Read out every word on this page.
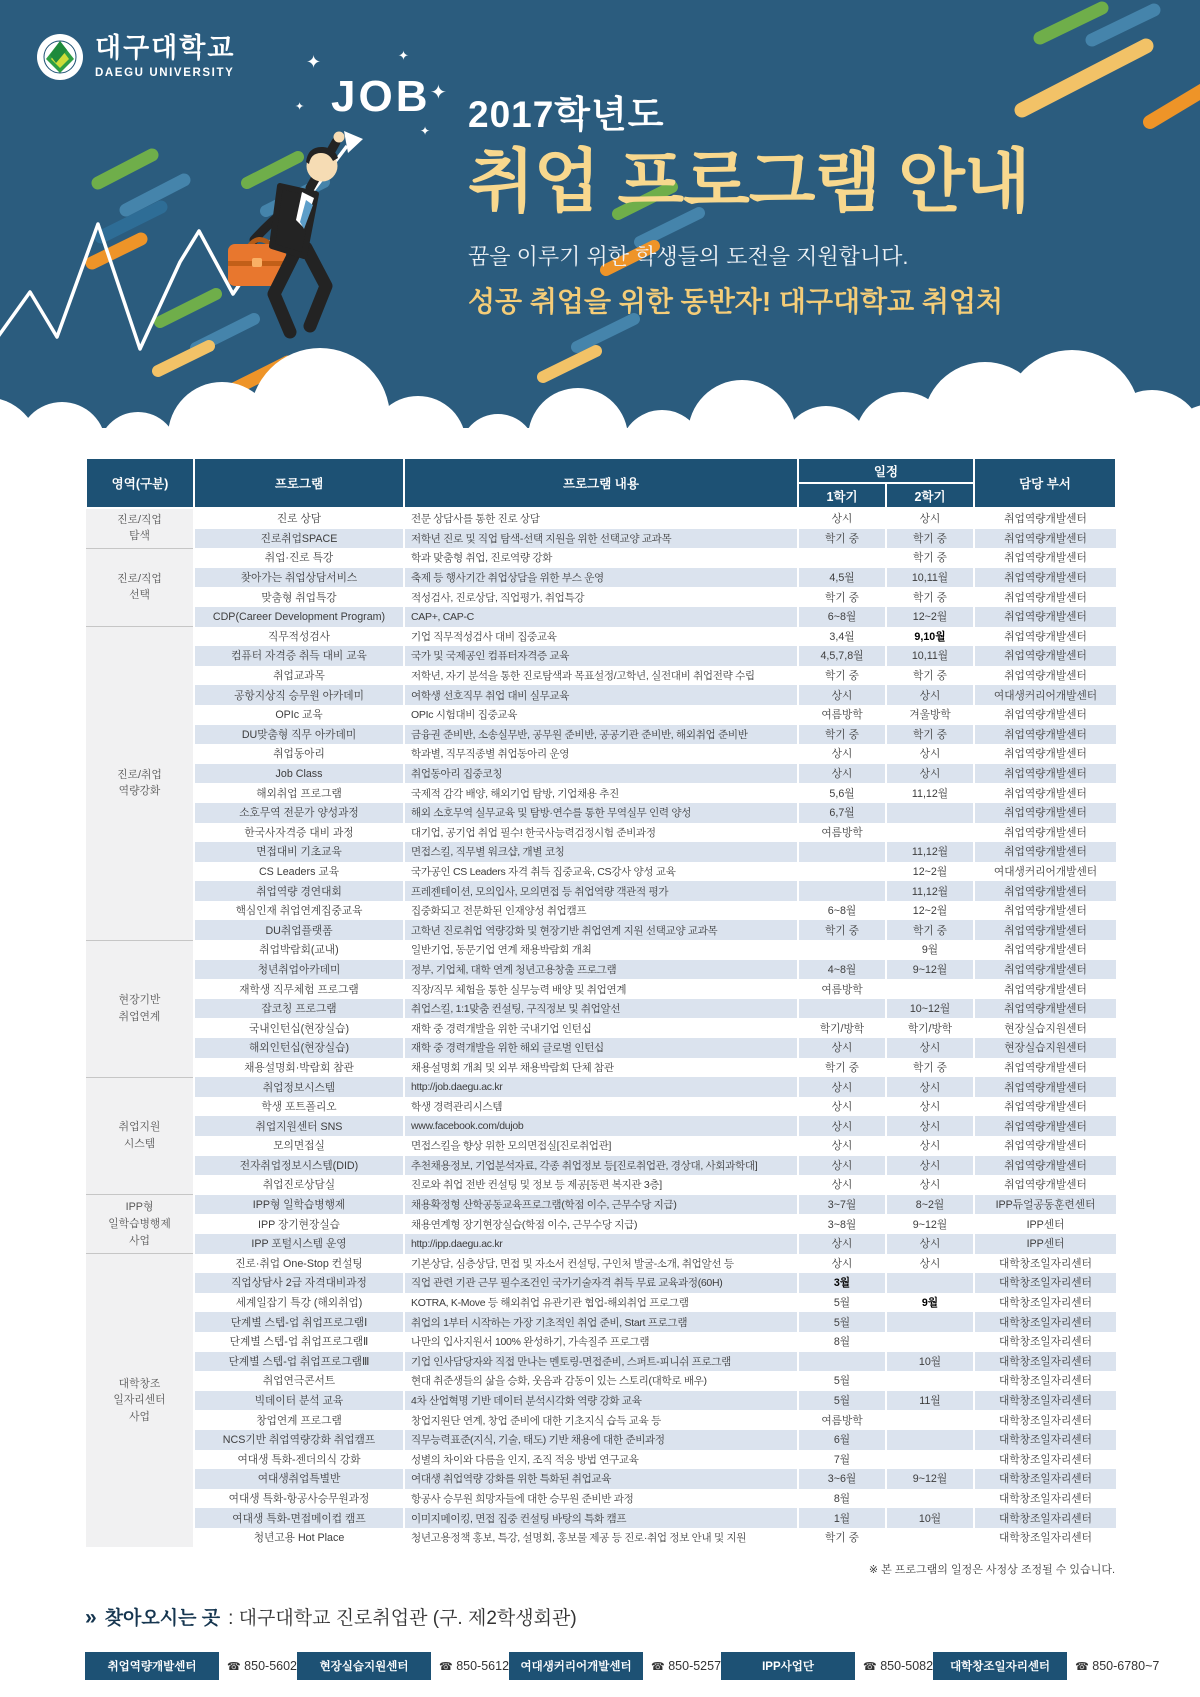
대구대학교
DAEGU UNIVERSITY JOB
✦	✦
✦
✦
✦ 2017학년도
취업 프로그램 안내
꿈을 이루기 위한 학생들의 도전을 지원합니다.
성공 취업을 위한 동반자! 대구대학교 취업처
영역(구분)	프로그램	프로그램 내용	일정		담당 부서
			1학기	2학기	
진로/직업
탐색	진로 상담	전문 상담사를 통한 진로 상담	상시	상시	취업역량개발센터
	진로취업SPACE	저학년 진로 및 직업 탐색-선택 지원을 위한 선택교양 교과목	학기 중	학기 중	취업역량개발센터
진로/직업
선택	취업·진로 특강	학과 맞춤형 취업, 진로역량 강화		학기 중	취업역량개발센터
	찾아가는 취업상담서비스	축제 등 행사기간 취업상담을 위한 부스 운영	4,5월	10,11월	취업역량개발센터
	맞춤형 취업특강	적성검사, 진로상담, 직업평가, 취업특강	학기 중	학기 중	취업역량개발센터
	CDP(Career Development Program)	CAP+, CAP-C	6~8월	12~2월	취업역량개발센터
진로/취업
역량강화	직무적성검사	기업 직무적성검사 대비 집중교육	3,4월	9,10월	취업역량개발센터
	컴퓨터 자격증 취득 대비 교육	국가 및 국제공인 컴퓨터자격증 교육	4,5,7,8월	10,11월	취업역량개발센터
	취업교과목	저학년, 자기 분석을 통한 진로탐색과 목표설정/고학년, 실전대비 취업전략 수립	학기 중	학기 중	취업역량개발센터
	공항지상직 승무원 아카데미	여학생 선호직무 취업 대비 실무교육	상시	상시	여대생커리어개발센터
	OPIc 교육	OPIc 시험대비 집중교육	여름방학	겨울방학	취업역량개발센터
	DU맞춤형 직무 아카데미	금융권 준비반, 소송실무반, 공무원 준비반, 공공기관 준비반, 해외취업 준비반	학기 중	학기 중	취업역량개발센터
	취업동아리	학과별, 직무직종별 취업동아리 운영	상시	상시	취업역량개발센터
	Job Class	취업동아리 집중코칭	상시	상시	취업역량개발센터
	해외취업 프로그램	국제적 감각 배양, 해외기업 탐방, 기업채용 추진	5,6월	11,12월	취업역량개발센터
	소호무역 전문가 양성과정	해외 소호무역 실무교육 및 탐방·연수를 통한 무역실무 인력 양성	6,7월		취업역량개발센터
	한국사자격증 대비 과정	대기업, 공기업 취업 필수! 한국사능력검정시험 준비과정	여름방학		취업역량개발센터
	면접대비 기초교육	면접스킬, 직무별 워크샵, 개별 코칭		11,12월	취업역량개발센터
	CS Leaders 교육	국가공인 CS Leaders 자격 취득 집중교육, CS강사 양성 교육		12~2월	여대생커리어개발센터
	취업역량 경연대회	프레젠테이션, 모의입사, 모의면접 등 취업역량 객관적 평가		11,12월	취업역량개발센터
	핵심인재 취업연계집중교육	집중화되고 전문화된 인재양성 취업캠프	6~8월	12~2월	취업역량개발센터
	DU취업플랫폼	고학년 진로취업 역량강화 및 현장기반 취업연계 지원 선택교양 교과목	학기 중	학기 중	취업역량개발센터
현장기반
취업연계	취업박람회(교내)	일반기업, 동문기업 연계 채용박람회 개최		9월	취업역량개발센터
	청년취업아카데미	정부, 기업체, 대학 연계 청년고용창출 프로그램	4~8월	9~12월	취업역량개발센터
	재학생 직무체험 프로그램	직장/직무 체험을 통한 실무능력 배양 및 취업연계	여름방학		취업역량개발센터
	잡코칭 프로그램	취업스킬, 1:1맞춤 컨설팅, 구직정보 및 취업알선		10~12월	취업역량개발센터
	국내인턴십(현장실습)	재학 중 경력개발을 위한 국내기업 인턴십	학기/방학	학기/방학	현장실습지원센터
	해외인턴십(현장실습)	재학 중 경력개발을 위한 해외 글로벌 인턴십	상시	상시	현장실습지원센터
	채용설명회·박람회 참관	채용설명회 개최 및 외부 채용박람회 단체 참관	학기 중	학기 중	취업역량개발센터
취업지원
시스템	취업정보시스템	http://job.daegu.ac.kr	상시	상시	취업역량개발센터
	학생 포트폴리오	학생 경력관리시스템	상시	상시	취업역량개발센터
	취업지원센터 SNS	www.facebook.com/dujob	상시	상시	취업역량개발센터
	모의면접실	면접스킬을 향상 위한 모의면접실[진로취업관]	상시	상시	취업역량개발센터
	전자취업정보시스템(DID)	추천채용정보, 기업분석자료, 각종 취업정보 등[진로취업관, 경상대, 사회과학대]	상시	상시	취업역량개발센터
	취업진로상담실	진로와 취업 전반 컨설팅 및 정보 등 제공[동편 복지관 3층]	상시	상시	취업역량개발센터
IPP형
일학습병행제
사업	IPP형 일학습병행제	채용확정형 산학공동교육프로그램(학점 이수, 근무수당 지급)	3~7월	8~2월	IPP듀얼공동훈련센터
	IPP 장기현장실습	채용연계형 장기현장실습(학점 이수, 근무수당 지급)	3~8월	9~12월	IPP센터
	IPP 포털시스템 운영	http://ipp.daegu.ac.kr	상시	상시	IPP센터
대학창조
일자리센터
사업	진로·취업 One-Stop 컨설팅	기본상담, 심층상담, 면접 및 자소서 컨설팅, 구인처 발굴-소개, 취업알선 등	상시	상시	대학창조일자리센터
	직업상담사 2급 자격대비과정	직업 관련 기관 근무 필수조건인 국가기술자격 취득 무료 교육과정(60H)	3월		대학창조일자리센터
	세계일잡기 특강 (해외취업)	KOTRA, K-Move 등 해외취업 유관기관 협업-해외취업 프로그램	5월	9월	대학창조일자리센터
	단계별 스텝-업 취업프로그램Ⅰ	취업의 1부터 시작하는 가장 기초적인 취업 준비, Start 프로그램	5월		대학창조일자리센터
	단계별 스텝-업 취업프로그램Ⅱ	나만의 입사지원서 100% 완성하기, 가속질주 프로그램	8월		대학창조일자리센터
	단계별 스텝-업 취업프로그램Ⅲ	기업 인사담당자와 직접 만나는 멘토링-면접준비, 스퍼트-피니쉬 프로그램		10월	대학창조일자리센터
	취업연극콘서트	현대 취준생들의 삶을 승화, 웃음과 감동이 있는 스토리(대학로 배우)	5월		대학창조일자리센터
	빅데이터 분석 교육	4차 산업혁명 기반 데이터 분석시각화 역량 강화 교육	5월	11월	대학창조일자리센터
	창업연계 프로그램	창업지원단 연계, 창업 준비에 대한 기초지식 습득 교육 등	여름방학		대학창조일자리센터
	NCS기반 취업역량강화 취업캠프	직무능력표준(지식, 기술, 태도) 기반 채용에 대한 준비과정	6월		대학창조일자리센터
	여대생 특화-젠더의식 강화	성별의 차이와 다름을 인지, 조직 적응 방법 연구교육	7월		대학창조일자리센터
	여대생취업특별반	여대생 취업역량 강화를 위한 특화된 취업교육	3~6월	9~12월	대학창조일자리센터
	여대생 특화-항공사승무원과정	항공사 승무원 희망자들에 대한 승무원 준비반 과정	8월		대학창조일자리센터
	여대생 특화-면접메이컵 캠프	이미지메이킹, 면접 집중 컨설팅 바탕의 특화 캠프	1월	10월	대학창조일자리센터
	청년고용 Hot Place	청년고용정책 홍보, 특강, 설명회, 홍보물 제공 등 진로·취업 정보 안내 및 지원	학기 중		대학창조일자리센터
※ 본 프로그램의 일정은 사정상 조정될 수 있습니다.
» 찾아오시는 곳 : 대구대학교 진로취업관 (구. 제2학생회관)
취업역량개발센터	☎ 850-5602	현장실습지원센터	☎ 850-5612 여대생커리어개발센터	☎ 850-5257	IPP사업단	☎ 850-5082	대학창조일자리센터	☎ 850-6780~7
